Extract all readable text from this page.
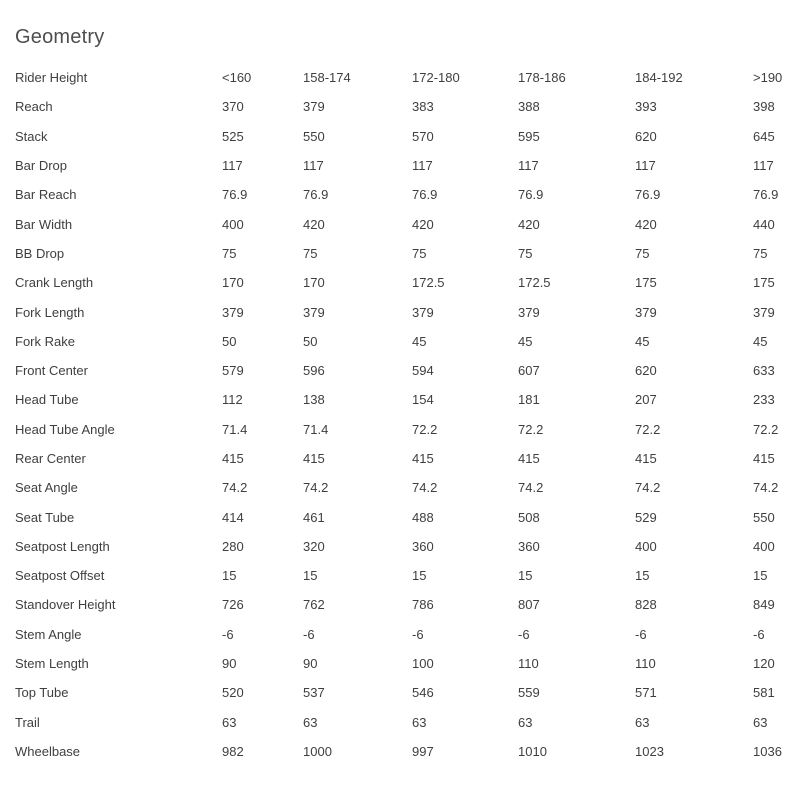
Geometry
Rider Height	<160	158-174	172-180	178-186	184-192	>190
Reach	370	379	383	388	393	398
Stack	525	550	570	595	620	645
Bar Drop	117	117	117	117	117	117
Bar Reach	76.9	76.9	76.9	76.9	76.9	76.9
Bar Width	400	420	420	420	420	440
BB Drop	75	75	75	75	75	75
Crank Length	170	170	172.5	172.5	175	175
Fork Length	379	379	379	379	379	379
Fork Rake	50	50	45	45	45	45
Front Center	579	596	594	607	620	633
Head Tube	112	138	154	181	207	233
Head Tube Angle	71.4	71.4	72.2	72.2	72.2	72.2
Rear Center	415	415	415	415	415	415
Seat Angle	74.2	74.2	74.2	74.2	74.2	74.2
Seat Tube	414	461	488	508	529	550
Seatpost Length	280	320	360	360	400	400
Seatpost Offset	15	15	15	15	15	15
Standover Height	726	762	786	807	828	849
Stem Angle	-6	-6	-6	-6	-6	-6
Stem Length	90	90	100	110	110	120
Top Tube	520	537	546	559	571	581
Trail	63	63	63	63	63	63
Wheelbase	982	1000	997	1010	1023	1036
